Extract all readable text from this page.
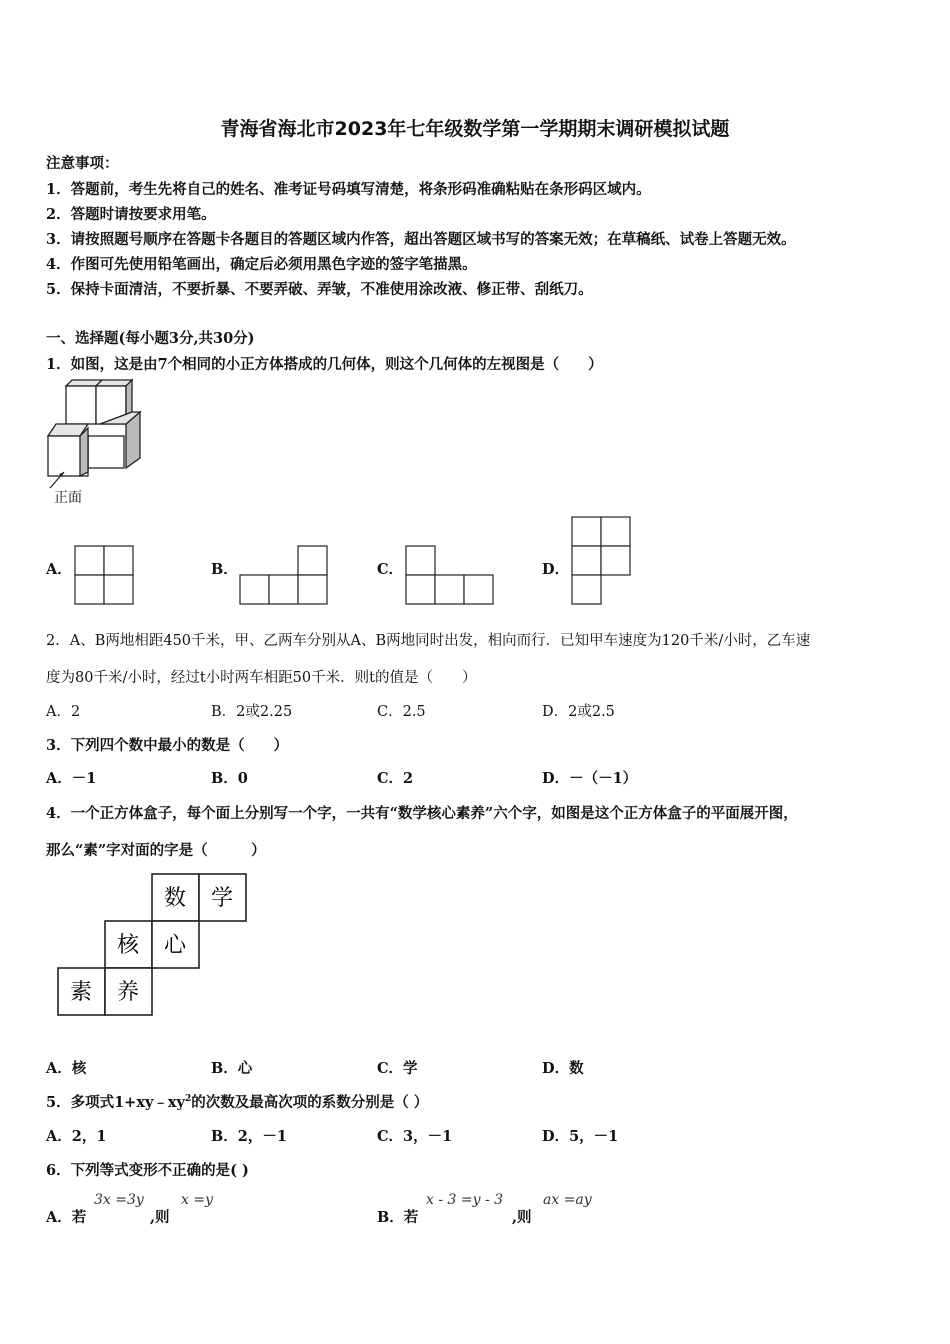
青海省海北市2023年七年级数学第一学期期末调研模拟试题
注意事项：
1．答题前，考生先将自己的姓名、准考证号码填写清楚，将条形码准确粘贴在条形码区域内。
2．答题时请按要求用笔。
3．请按照题号顺序在答题卡各题目的答题区域内作答，超出答题区域书写的答案无效；在草稿纸、试卷上答题无效。
4．作图可先使用铅笔画出，确定后必须用黑色字迹的签字笔描黑。
5．保持卡面清洁，不要折暴、不要弄破、弄皱，不准使用涂改液、修正带、刮纸刀。
一、选择题(每小题3分,共30分)
1．如图，这是由7个相同的小正方体搭成的几何体，则这个几何体的左视图是（　　）
正面
A．	B．	C．	D．
2．A、B两地相距450千米，甲、乙两车分别从A、B两地同时出发，相向而行．已知甲车速度为120千米/小时，乙车速
度为80千米/小时，经过t小时两车相距50千米．则t的值是（　　）
A．2	B．2或2.25	C．2.5	D．2或2.5
3．下列四个数中最小的数是（　　）
A．－1	B．0	C．2	D．－（－1）
4．一个正方体盒子，每个面上分别写一个字，一共有“数学核心素养”六个字，如图是这个正方体盒子的平面展开图，
那么“素”字对面的字是（　　　）
数 学
核 心
素 养
A．核	B．心	C．学	D．数
5．多项式$1+xy﹣xy^2$的次数及最高次项的系数分别是（ ）
A．2，1	B．2，－1	C．3，－1	D．5，－1
6．下列等式变形不正确的是( )
A．若
3x =3y
,则
x =y
B．若
x - 3 =y - 3
,则
ax =ay
